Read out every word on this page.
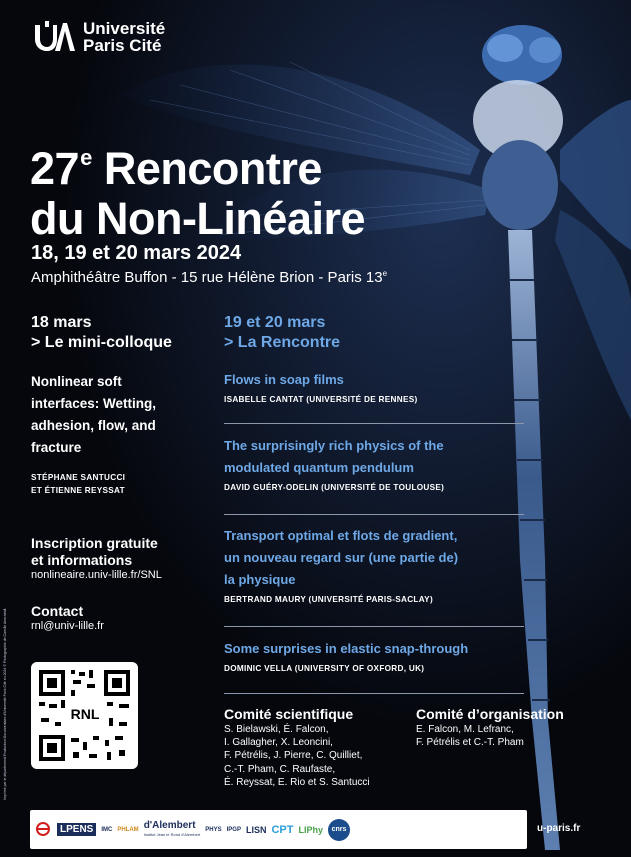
Université
Paris Cité
27e Rencontre
du Non-Linéaire
18, 19 et 20 mars 2024
Amphithéâtre Buffon - 15 rue Hélène Brion - Paris 13e
18 mars
> Le mini-colloque
Nonlinear soft
interfaces: Wetting,
adhesion, flow, and
fracture
STÉPHANE SANTUCCI
ET ÉTIENNE REYSSAT
Inscription gratuite
et informations
nonlineaire.univ-lille.fr/SNL
Contact
rnl@univ-lille.fr
RNL
19 et 20 mars
> La Rencontre
Flows in soap films
ISABELLE CANTAT (UNIVERSITÉ DE RENNES)
The surprisingly rich physics of the
modulated quantum pendulum
DAVID GUÉRY-ODELIN (UNIVERSITÉ DE TOULOUSE)
Transport optimal et flots de gradient,
un nouveau regard sur (une partie de)
la physique
BERTRAND MAURY (UNIVERSITÉ PARIS-SACLAY)
Some surprises in elastic snap-through
DOMINIC VELLA (UNIVERSITY OF OXFORD, UK)
Comité scientifique
S. Bielawski, É. Falcon,
I. Gallagher, X. Leoncini,
F. Pétrélis, J. Pierre, C. Quilliet,
C.-T. Pham, C. Raufaste,
É. Reyssat, E. Rio et S. Santucci
Comité d’organisation
E. Falcon, M. Lefranc,
F. Pétrélis et C.-T. Pham
Imprimé par le département Production Documentaire d'Université Paris Cité en 2024 © Photographie de Camille Anscheidt
LPENS	IMC PHLAM d'Alembert
Institut Jean le Rond d'Alembert
PHYS IPGP LISN CPT LIPhy	cnrs	u-paris.fr
